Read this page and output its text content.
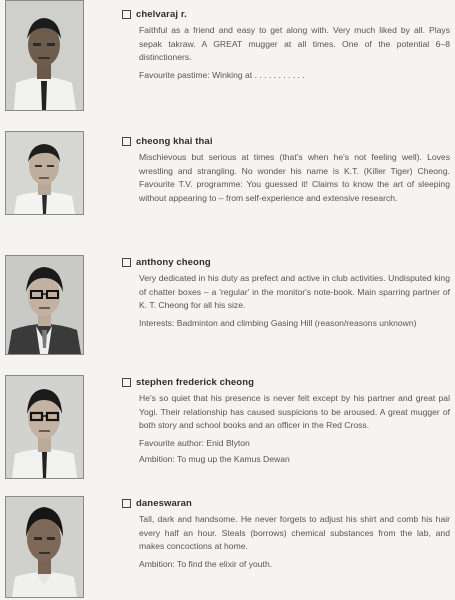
chelvaraj r.
Faithful as a friend and easy to get along with. Very much liked by all. Plays sepak takraw. A GREAT mugger at all times. One of the potential 6–8 distinctioners.
Favourite pastime: Winking at . . . . . . . . . . .
cheong khai thai
Mischievous but serious at times (that's when he's not feeling well). Loves wrestling and strangling. No wonder his name is K.T. (Killer Tiger) Cheong. Favourite T.V. programme: You guessed it! Claims to know the art of sleeping without appearing to – from self-experience and extensive research.
anthony cheong
Very dedicated in his duty as prefect and active in club activities. Undisputed king of chatter boxes – a 'regular' in the monitor's note-book. Main sparring partner of K. T. Cheong for all his size.
Interests: Badminton and climbing Gasing Hill (reason/reasons unknown)
stephen frederick cheong
He's so quiet that his presence is never felt except by his partner and great pal Yogi. Their relationship has caused suspicions to be aroused. A great mugger of both story and school books and an officer in the Red Cross.
Favourite author: Enid Blyton
Ambition: To mug up the Kamus Dewan
daneswaran
Tall, dark and handsome. He never forgets to adjust his shirt and comb his hair every half an hour. Steals (borrows) chemical substances from the lab, and makes concoctions at home.
Ambition: To find the elixir of youth.
